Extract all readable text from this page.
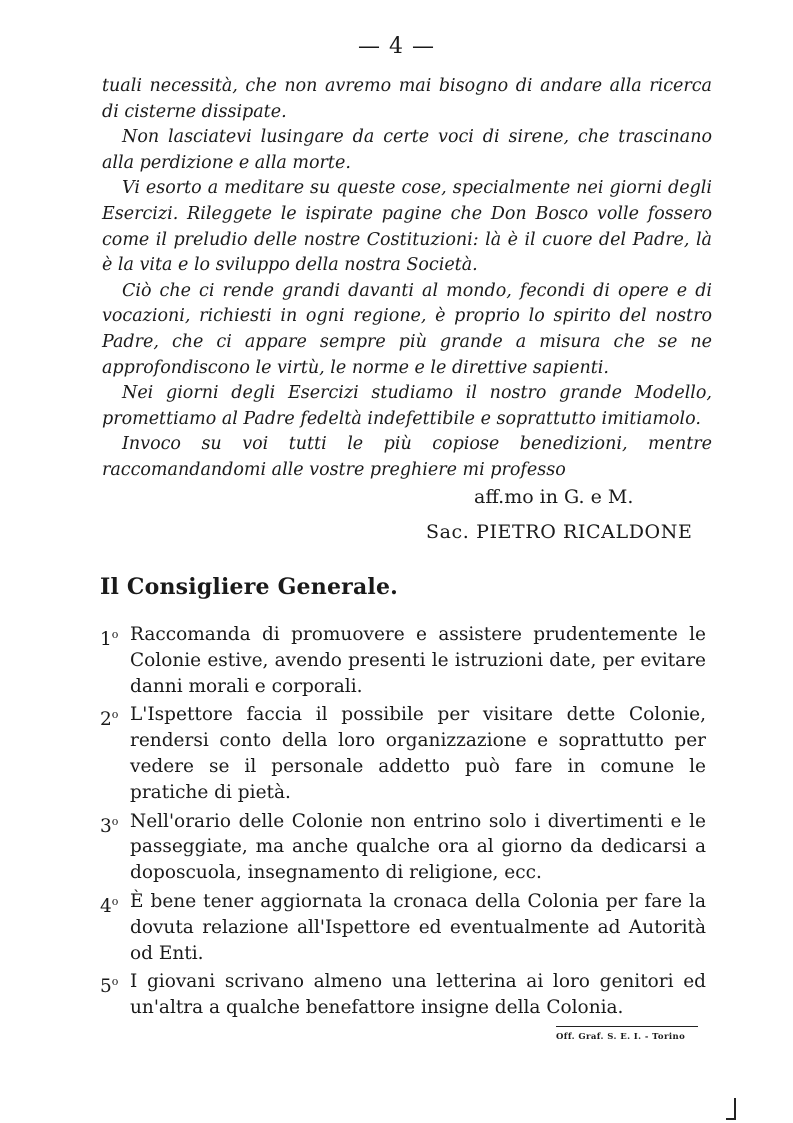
— 4 —

tuali necessità, che non avremo mai bisogno di andare alla ricerca di cisterne dissipate.

Non lasciatevi lusingare da certe voci di sirene, che trascinano alla perdizione e alla morte.

Vi esorto a meditare su queste cose, specialmente nei giorni degli Esercizi. Rileggete le ispirate pagine che Don Bosco volle fossero come il preludio delle nostre Costituzioni: là è il cuore del Padre, là è la vita e lo sviluppo della nostra Società.

Ciò che ci rende grandi davanti al mondo, fecondi di opere e di vocazioni, richiesti in ogni regione, è proprio lo spirito del nostro Padre, che ci appare sempre più grande a misura che se ne approfondiscono le virtù, le norme e le direttive sapienti.

Nei giorni degli Esercizi studiamo il nostro grande Modello, promettiamo al Padre fedeltà indefettibile e soprattutto imitiamolo.

Invoco su voi tutti le più copiose benedizioni, mentre raccomandandomi alle vostre preghiere mi professo

aff.mo in G. e M.
Sac. PIETRO RICALDONE
Il Consigliere Generale.
1$^o$ Raccomanda di promuovere e assistere prudentemente le Colonie estive, avendo presenti le istruzioni date, per evitare danni morali e corporali.
2$^o$ L'Ispettore faccia il possibile per visitare dette Colonie, rendersi conto della loro organizzazione e soprattutto per vedere se il personale addetto può fare in comune le pratiche di pietà.
3$^o$ Nell'orario delle Colonie non entrino solo i divertimenti e le passeggiate, ma anche qualche ora al giorno da dedicarsi a doposcuola, insegnamento di religione, ecc.
4$^o$ È bene tener aggiornata la cronaca della Colonia per fare la dovuta relazione all'Ispettore ed eventualmente ad Autorità od Enti.
5$^o$ I giovani scrivano almeno una letterina ai loro genitori ed un'altra a qualche benefattore insigne della Colonia.
Off. Graf. S. E. I. - Torino
